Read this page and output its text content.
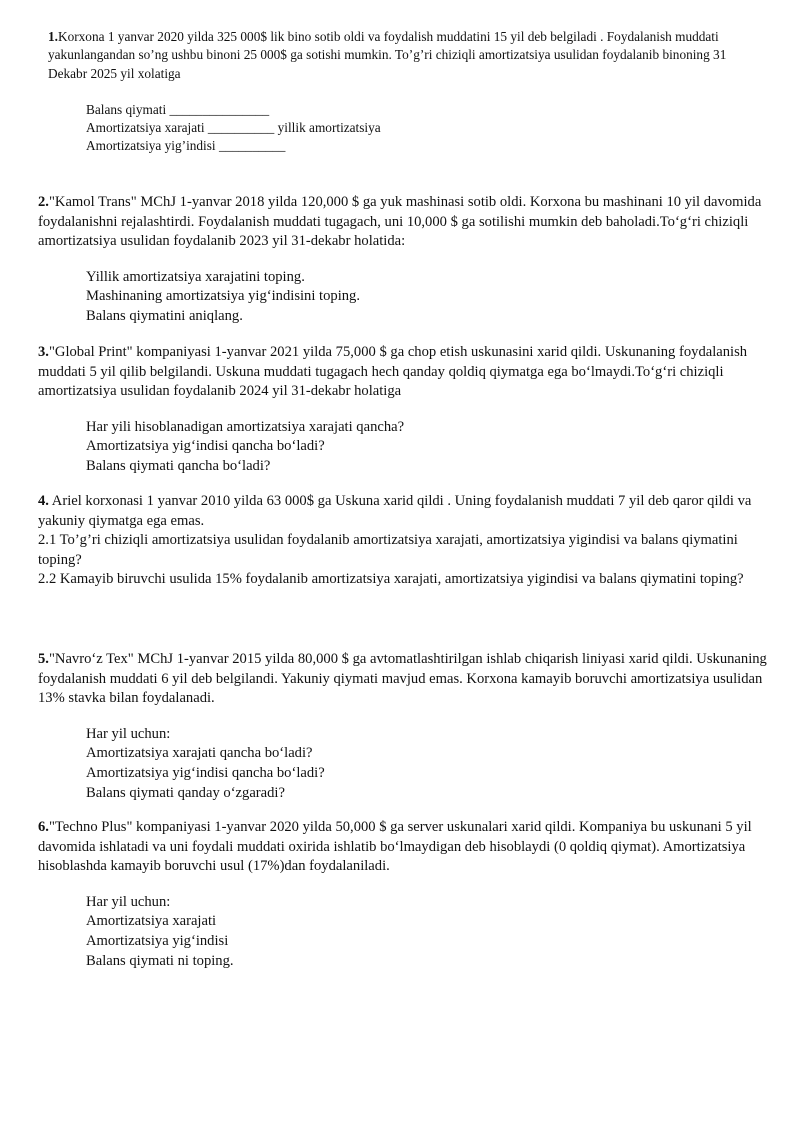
1.Korxona 1 yanvar 2020 yilda 325 000$ lik bino sotib oldi va foydalish muddatini 15 yil deb belgiladi . Foydalanish muddati yakunlangandan so’ng ushbu binoni 25 000$ ga sotishi mumkin. To’g’ri chiziqli amortizatsiya usulidan foydalanib binoning 31 Dekabr 2025 yil xolatiga

Balans qiymati _______________
Amortizatsiya xarajati __________ yillik amortizatsiya
Amortizatsiya yig’indisi __________

2."Kamol Trans" MChJ 1-yanvar 2018 yilda 120,000 $ ga yuk mashinasi sotib oldi. Korxona bu mashinani 10 yil davomida foydalanishni rejalashtirdi. Foydalanish muddati tugagach, uni 10,000 $ ga sotilishi mumkin deb baholadi.To‘g‘ri chiziqli amortizatsiya usulidan foydalanib 2023 yil 31-dekabr holatida:

Yillik amortizatsiya xarajatini toping.
Mashinaning amortizatsiya yig‘indisini toping.
Balans qiymatini aniqlang.

3."Global Print" kompaniyasi 1-yanvar 2021 yilda 75,000 $ ga chop etish uskunasini xarid qildi. Uskunaning foydalanish muddati 5 yil qilib belgilandi. Uskuna muddati tugagach hech qanday qoldiq qiymatga ega bo‘lmaydi.To‘g‘ri chiziqli amortizatsiya usulidan foydalanib 2024 yil 31-dekabr holatiga

Har yili hisoblanadigan amortizatsiya xarajati qancha?
Amortizatsiya yig‘indisi qancha bo‘ladi?
Balans qiymati qancha bo‘ladi?

4. Ariel korxonasi 1 yanvar 2010 yilda 63 000$ ga Uskuna xarid qildi . Uning foydalanish muddati 7 yil deb qaror qildi va yakuniy qiymatga ega emas.

2.1 To’g’ri chiziqli amortizatsiya usulidan foydalanib amortizatsiya xarajati, amortizatsiya yigindisi va balans qiymatini toping?

2.2 Kamayib biruvchi usulida 15% foydalanib amortizatsiya xarajati, amortizatsiya yigindisi va balans qiymatini toping?

5."Navro‘z Tex" MChJ 1-yanvar 2015 yilda 80,000 $ ga avtomatlashtirilgan ishlab chiqarish liniyasi xarid qildi. Uskunaning foydalanish muddati 6 yil deb belgilandi. Yakuniy qiymati mavjud emas. Korxona kamayib boruvchi amortizatsiya usulidan 13% stavka bilan foydalanadi.

Har yil uchun:
Amortizatsiya xarajati qancha bo‘ladi?
Amortizatsiya yig‘indisi qancha bo‘ladi?
Balans qiymati qanday o‘zgaradi?

6."Techno Plus" kompaniyasi 1-yanvar 2020 yilda 50,000 $ ga server uskunalari xarid qildi. Kompaniya bu uskunani 5 yil davomida ishlatadi va uni foydali muddati oxirida ishlatib bo‘lmaydigan deb hisoblaydi (0 qoldiq qiymat). Amortizatsiya hisoblashda kamayib boruvchi usul (17%)dan foydalaniladi.

Har yil uchun:
Amortizatsiya xarajati
Amortizatsiya yig‘indisi
Balans qiymati ni toping.
